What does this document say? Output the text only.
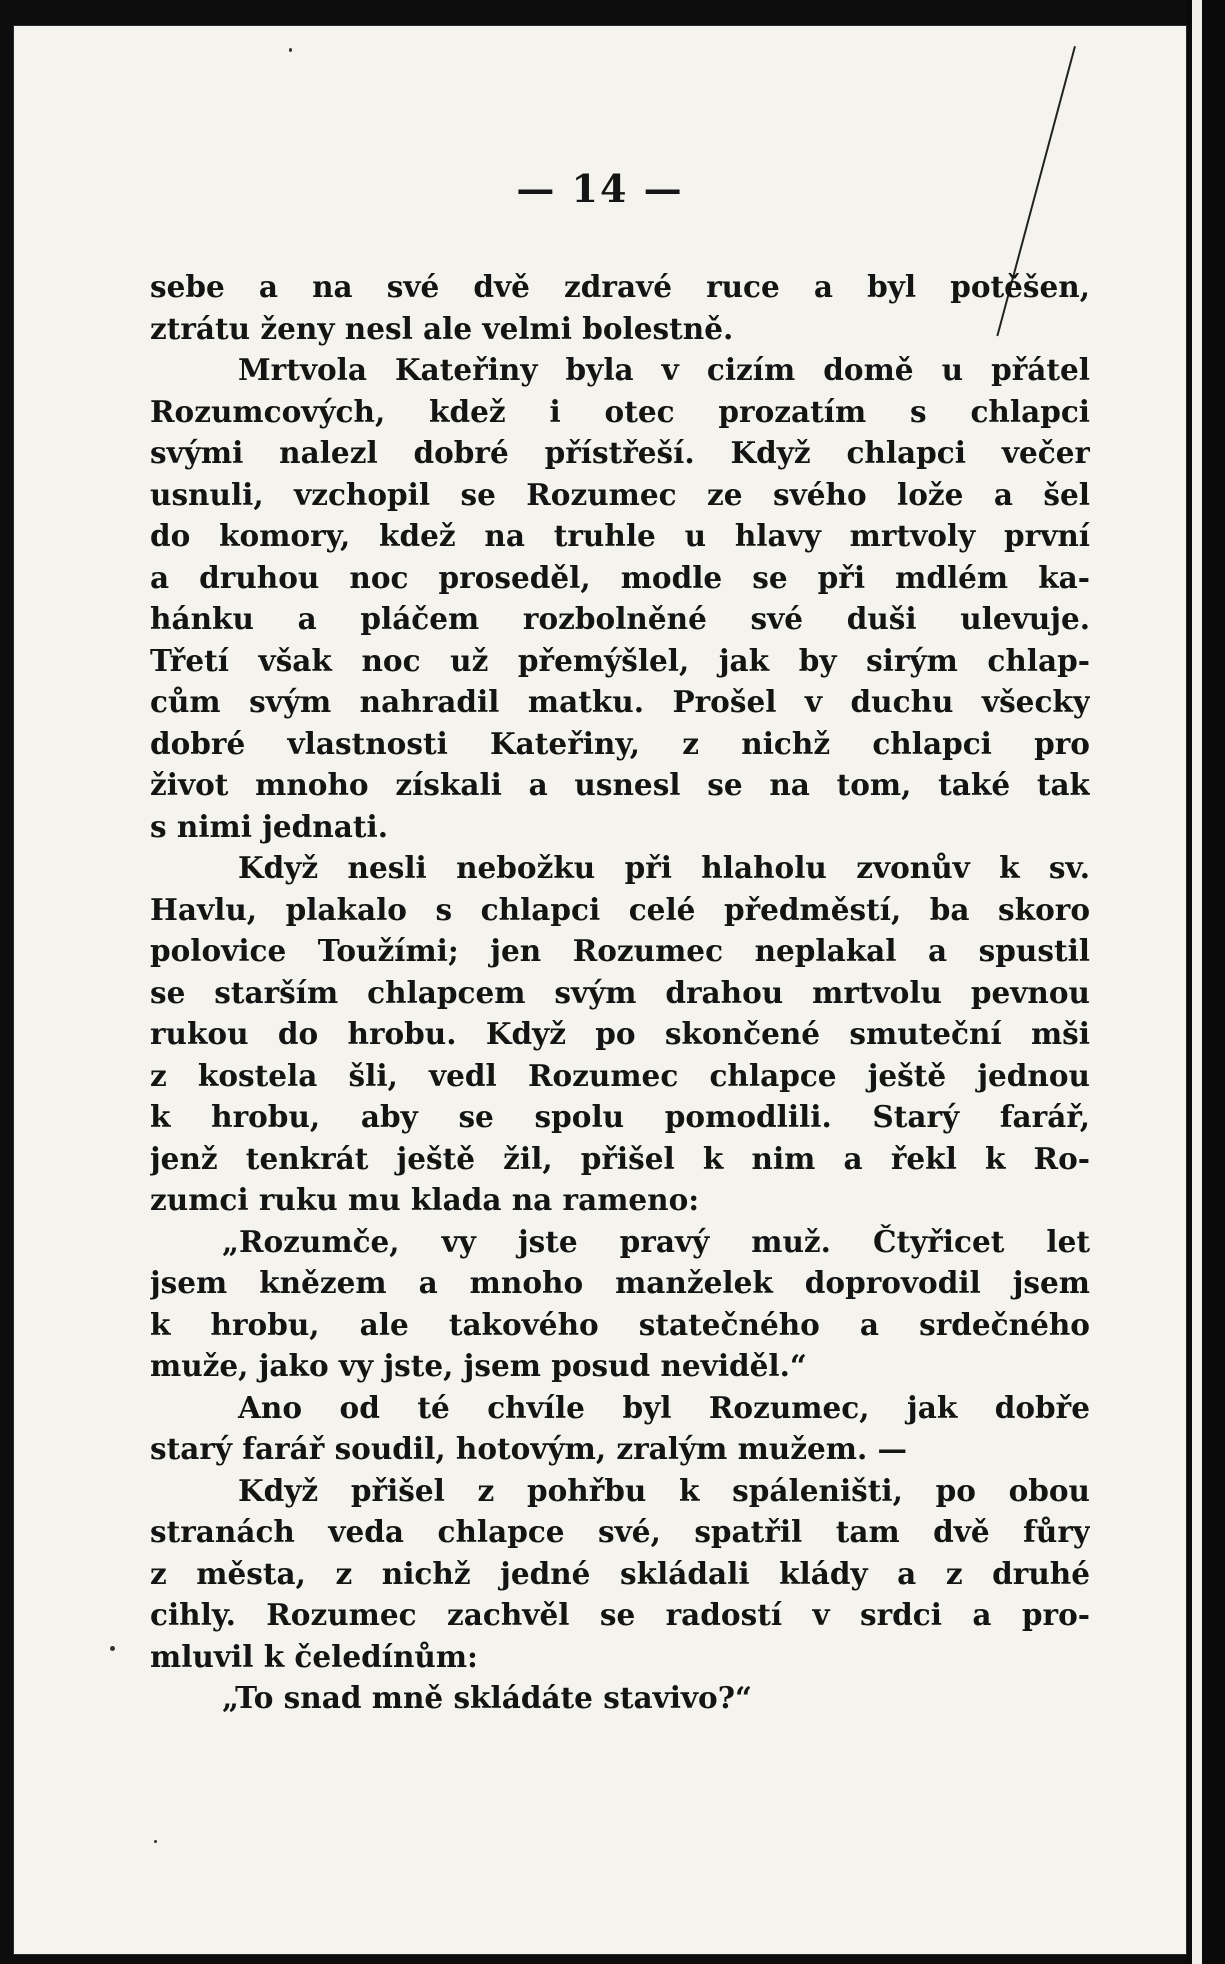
— 14 —
sebe a na své dvě zdravé ruce a byl potěšen,
ztrátu ženy nesl ale velmi bolestně.
Mrtvola Kateřiny byla v cizím domě u přátel
Rozumcových, kdež i otec prozatím s chlapci
svými nalezl dobré přístřeší. Když chlapci večer
usnuli, vzchopil se Rozumec ze svého lože a šel
do komory, kdež na truhle u hlavy mrtvoly první
a druhou noc proseděl, modle se při mdlém ka-
hánku a pláčem rozbolněné své duši ulevuje.
Třetí však noc už přemýšlel, jak by sirým chlap-
cům svým nahradil matku. Prošel v duchu všecky
dobré vlastnosti Kateřiny, z nichž chlapci pro
život mnoho získali a usnesl se na tom, také tak
s nimi jednati.
Když nesli nebožku při hlaholu zvonův k sv.
Havlu, plakalo s chlapci celé předměstí, ba skoro
polovice Toužími; jen Rozumec neplakal a spustil
se starším chlapcem svým drahou mrtvolu pevnou
rukou do hrobu. Když po skončené smuteční mši
z kostela šli, vedl Rozumec chlapce ještě jednou
k hrobu, aby se spolu pomodlili. Starý farář,
jenž tenkrát ještě žil, přišel k nim a řekl k Ro-
zumci ruku mu klada na rameno:
„Rozumče, vy jste pravý muž. Čtyřicet let
jsem knězem a mnoho manželek doprovodil jsem
k hrobu, ale takového statečného a srdečného
muže, jako vy jste, jsem posud neviděl.“
Ano od té chvíle byl Rozumec, jak dobře
starý farář soudil, hotovým, zralým mužem. —
Když přišel z pohřbu k spáleništi, po obou
stranách veda chlapce své, spatřil tam dvě fůry
z města, z nichž jedné skládali klády a z druhé
cihly. Rozumec zachvěl se radostí v srdci a pro-
mluvil k čeledínům:
„To snad mně skládáte stavivo?“
